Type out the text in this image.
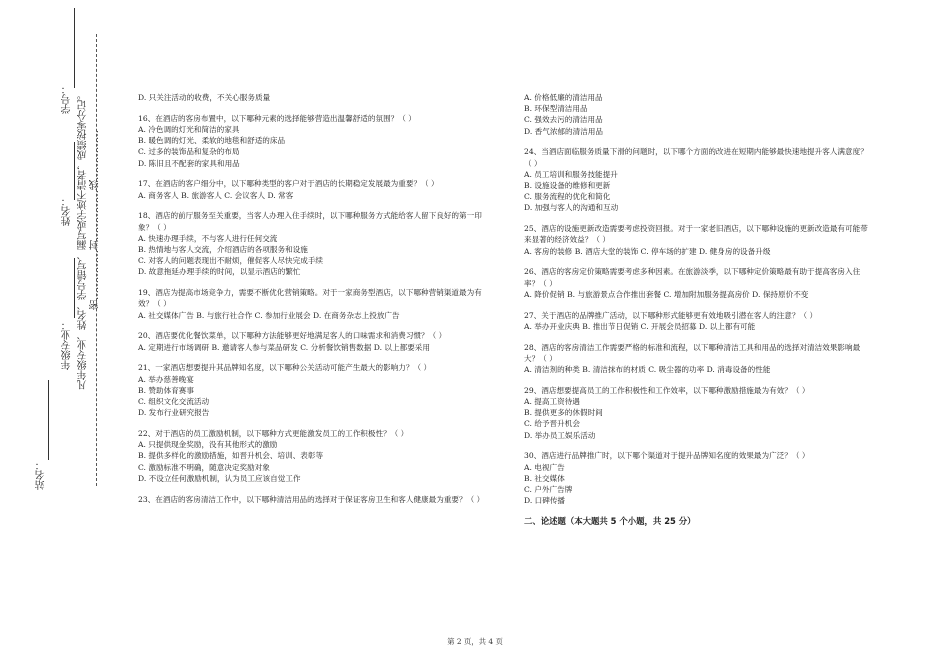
学号：
姓名：
年级专业： 凡年级专业、姓名、学号错写、漏写或字迹不清者，成绩按零分记。 密……………封……………线……………
站名：

D. 只关注活动的收费，不关心服务质量

16、在酒店的客房布置中，以下哪种元素的选择能够营造出温馨舒适的氛围？（ ）

A. 冷色调的灯光和简洁的家具

B. 暖色调的灯光、柔软的地毯和舒适的床品

C. 过多的装饰品和复杂的布局

D. 陈旧且不配套的家具和用品

17、在酒店的客户细分中，以下哪种类型的客户对于酒店的长期稳定发展最为重要？（ ）

A. 商务客人 B. 旅游客人 C. 会议客人 D. 常客

18、酒店的前厅服务至关重要，当客人办理入住手续时，以下哪种服务方式能给客人留下良好的第一印象？（ ）

A. 快速办理手续，不与客人进行任何交流

B. 热情地与客人交流，介绍酒店的各项服务和设施

C. 对客人的问题表现出不耐烦，催促客人尽快完成手续

D. 故意拖延办理手续的时间，以显示酒店的繁忙

19、酒店为提高市场竞争力，需要不断优化营销策略。对于一家商务型酒店，以下哪种营销渠道最为有效？（ ）

A. 社交媒体广告 B. 与旅行社合作 C. 参加行业展会 D. 在商务杂志上投放广告

20、酒店要优化餐饮菜单，以下哪种方法能够更好地满足客人的口味需求和消费习惯？（ ）

A. 定期进行市场调研 B. 邀请客人参与菜品研发 C. 分析餐饮销售数据 D. 以上都要采用

21、一家酒店想要提升其品牌知名度，以下哪种公关活动可能产生最大的影响力？（ ）

A. 举办慈善晚宴

B. 赞助体育赛事

C. 组织文化交流活动

D. 发布行业研究报告

22、对于酒店的员工激励机制，以下哪种方式更能激发员工的工作积极性？（ ）

A. 只提供现金奖励，没有其他形式的激励

B. 提供多样化的激励措施，如晋升机会、培训、表彰等

C. 激励标准不明确，随意决定奖励对象

D. 不设立任何激励机制，认为员工应该自觉工作

23、在酒店的客房清洁工作中，以下哪种清洁用品的选择对于保证客房卫生和客人健康最为重要？（ ）

A. 价格低廉的清洁用品

B. 环保型清洁用品

C. 强效去污的清洁用品

D. 香气浓郁的清洁用品

24、当酒店面临服务质量下滑的问题时，以下哪个方面的改进在短期内能够最快速地提升客人满意度？（ ）

A. 员工培训和服务技能提升

B. 设施设备的维修和更新

C. 服务流程的优化和简化

D. 加强与客人的沟通和互动

25、酒店的设施更新改造需要考虑投资回报。对于一家老旧酒店，以下哪种设施的更新改造最有可能带来显著的经济效益？（ ）

A. 客房的装修 B. 酒店大堂的装饰 C. 停车场的扩建 D. 健身房的设备升级

26、酒店的客房定价策略需要考虑多种因素。在旅游淡季，以下哪种定价策略最有助于提高客房入住率？（ ）

A. 降价促销 B. 与旅游景点合作推出套餐 C. 增加附加服务提高房价 D. 保持原价不变

27、关于酒店的品牌推广活动，以下哪种形式能够更有效地吸引潜在客人的注意？（ ）

A. 举办开业庆典 B. 推出节日促销 C. 开展会员招募 D. 以上都有可能

28、酒店的客房清洁工作需要严格的标准和流程，以下哪种清洁工具和用品的选择对清洁效果影响最大？（ ）

A. 清洁剂的种类 B. 清洁抹布的材质 C. 吸尘器的功率 D. 消毒设备的性能

29、酒店想要提高员工的工作积极性和工作效率，以下哪种激励措施最为有效？（ ）

A. 提高工资待遇

B. 提供更多的休假时间

C. 给予晋升机会

D. 举办员工娱乐活动

30、酒店进行品牌推广时，以下哪个渠道对于提升品牌知名度的效果最为广泛？（ ）

A. 电视广告

B. 社交媒体

C. 户外广告牌

D. 口碑传播

二、论述题（本大题共 5 个小题，共 25 分）
第 2 页，共 4 页
